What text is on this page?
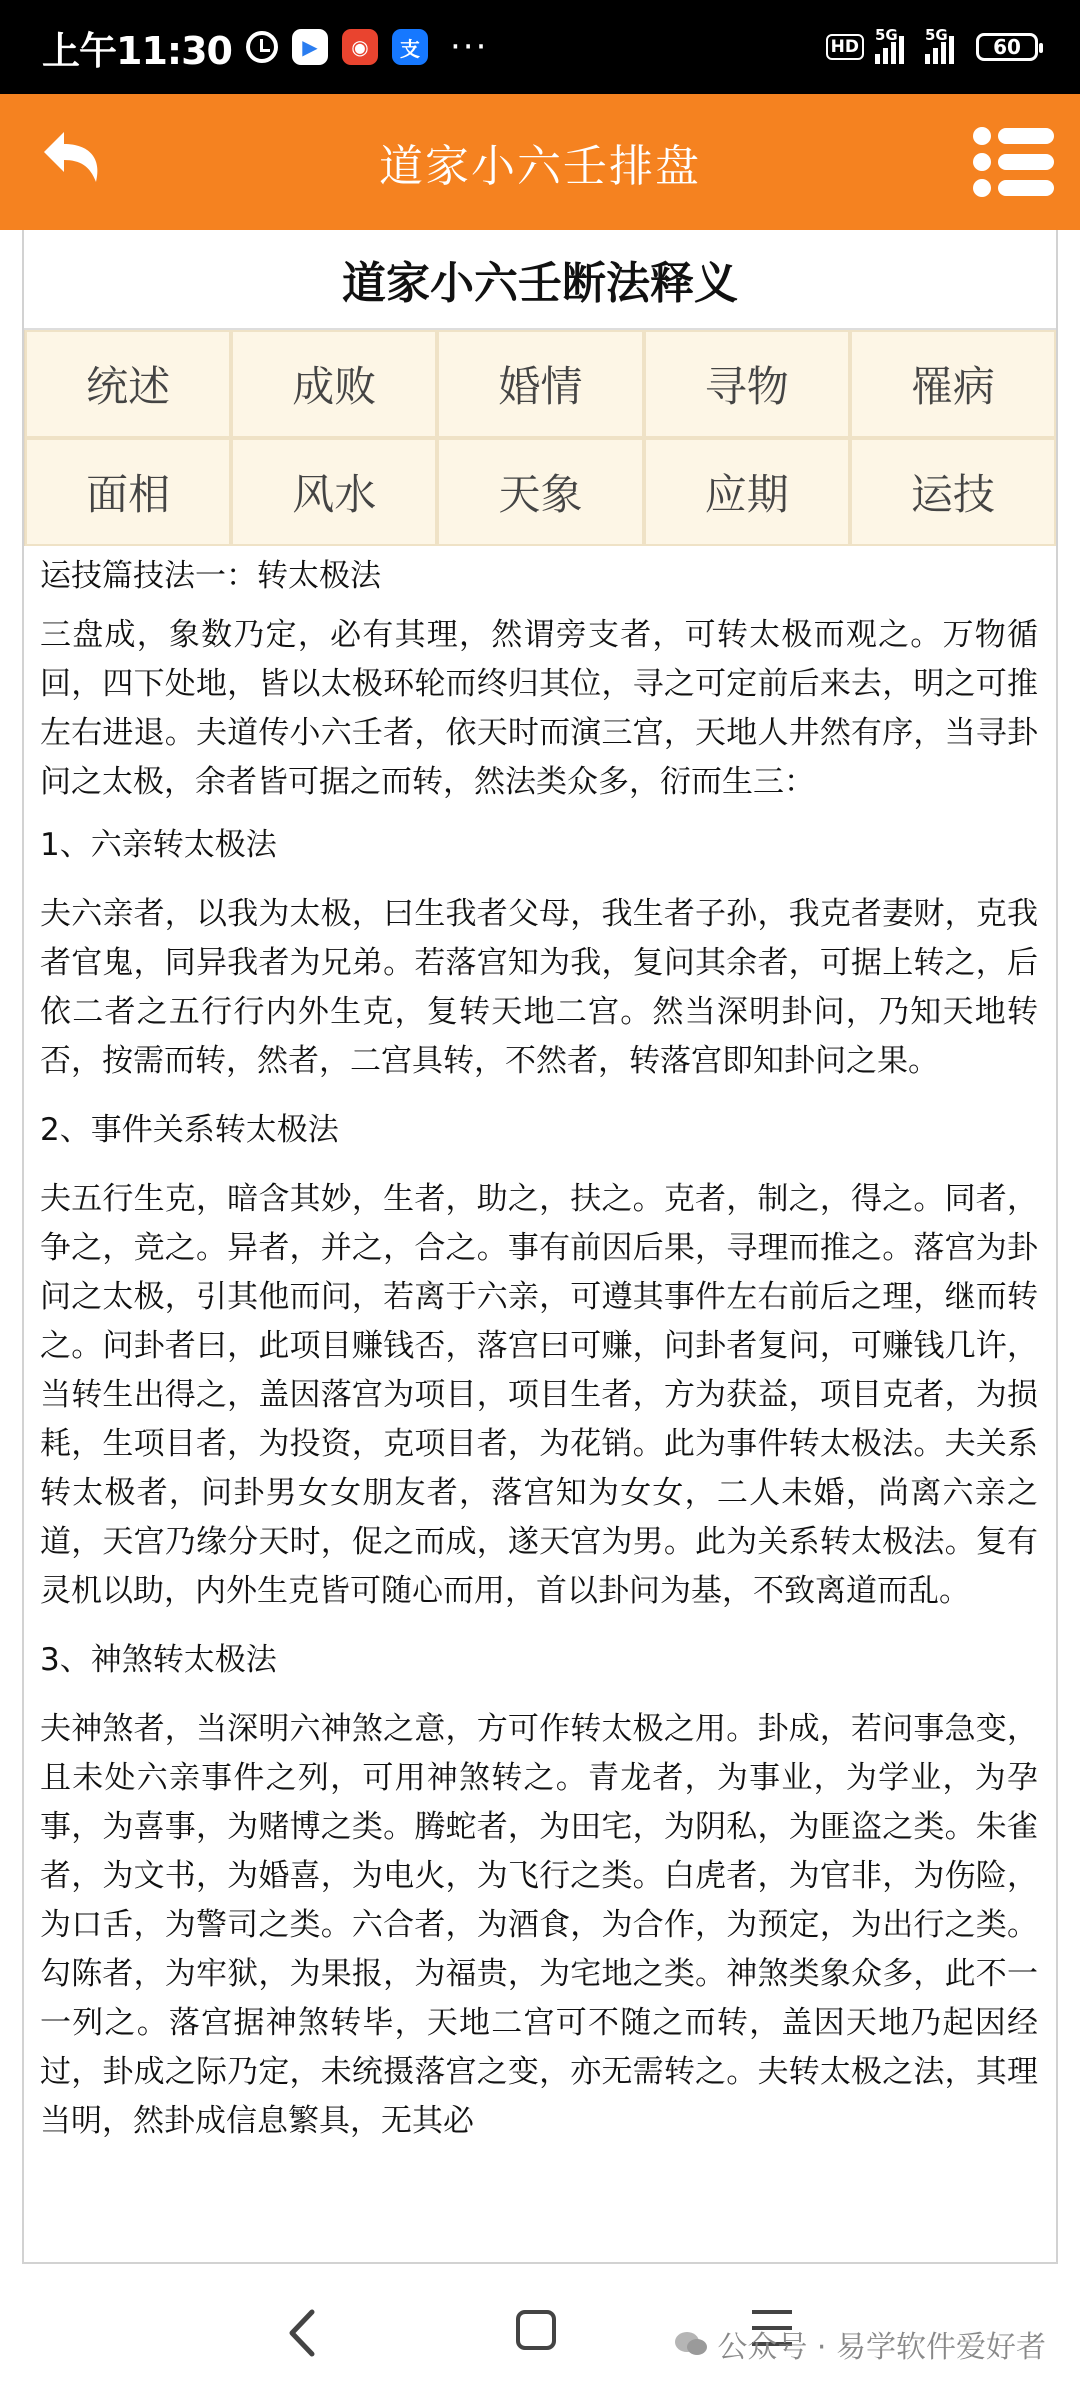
上午11:30	▶	◉	支 ···	HD
5G 5G	60
道家小六壬排盘
道家小六壬断法释义
统述	成败	婚情	寻物	罹病
面相	风水	天象	应期	运技

运技篇技法一：转太极法

三盘成，象数乃定，必有其理，然谓旁支者，可转太极而观之。万物循回，四下处地，皆以太极环轮而终归其位，寻之可定前后来去，明之可推左右进退。夫道传小六壬者，依天时而演三宫，天地人井然有序，当寻卦问之太极，余者皆可据之而转，然法类众多，衍而生三：

1、六亲转太极法

夫六亲者，以我为太极，曰生我者父母，我生者子孙，我克者妻财，克我者官鬼，同异我者为兄弟。若落宫知为我，复问其余者，可据上转之，后依二者之五行行内外生克，复转天地二宫。然当深明卦问，乃知天地转否，按需而转，然者，二宫具转，不然者，转落宫即知卦问之果。

2、事件关系转太极法

夫五行生克，暗含其妙，生者，助之，扶之。克者，制之，得之。同者，争之，竞之。异者，并之，合之。事有前因后果，寻理而推之。落宫为卦问之太极，引其他而问，若离于六亲，可遵其事件左右前后之理，继而转之。问卦者曰，此项目赚钱否，落宫曰可赚，问卦者复问，可赚钱几许，当转生出得之，盖因落宫为项目，项目生者，方为获益，项目克者，为损耗，生项目者，为投资，克项目者，为花销。此为事件转太极法。夫关系转太极者，问卦男女女朋友者，落宫知为女女，二人未婚，尚离六亲之道，天宫乃缘分天时，促之而成，遂天宫为男。此为关系转太极法。复有灵机以助，内外生克皆可随心而用，首以卦问为基，不致离道而乱。

3、神煞转太极法

夫神煞者，当深明六神煞之意，方可作转太极之用。卦成，若问事急变，且未处六亲事件之列，可用神煞转之。青龙者，为事业，为学业，为孕事，为喜事，为赌博之类。腾蛇者，为田宅，为阴私，为匪盗之类。朱雀者，为文书，为婚喜，为电火，为飞行之类。白虎者，为官非，为伤险，为口舌，为警司之类。六合者，为酒食，为合作，为预定，为出行之类。勾陈者，为牢狱，为果报，为福贵，为宅地之类。神煞类象众多，此不一一列之。落宫据神煞转毕，天地二宫可不随之而转，盖因天地乃起因经过，卦成之际乃定，未统摄落宫之变，亦无需转之。夫转太极之法，其理当明，然卦成信息繁具，无其必

公众号 · 易学软件爱好者
